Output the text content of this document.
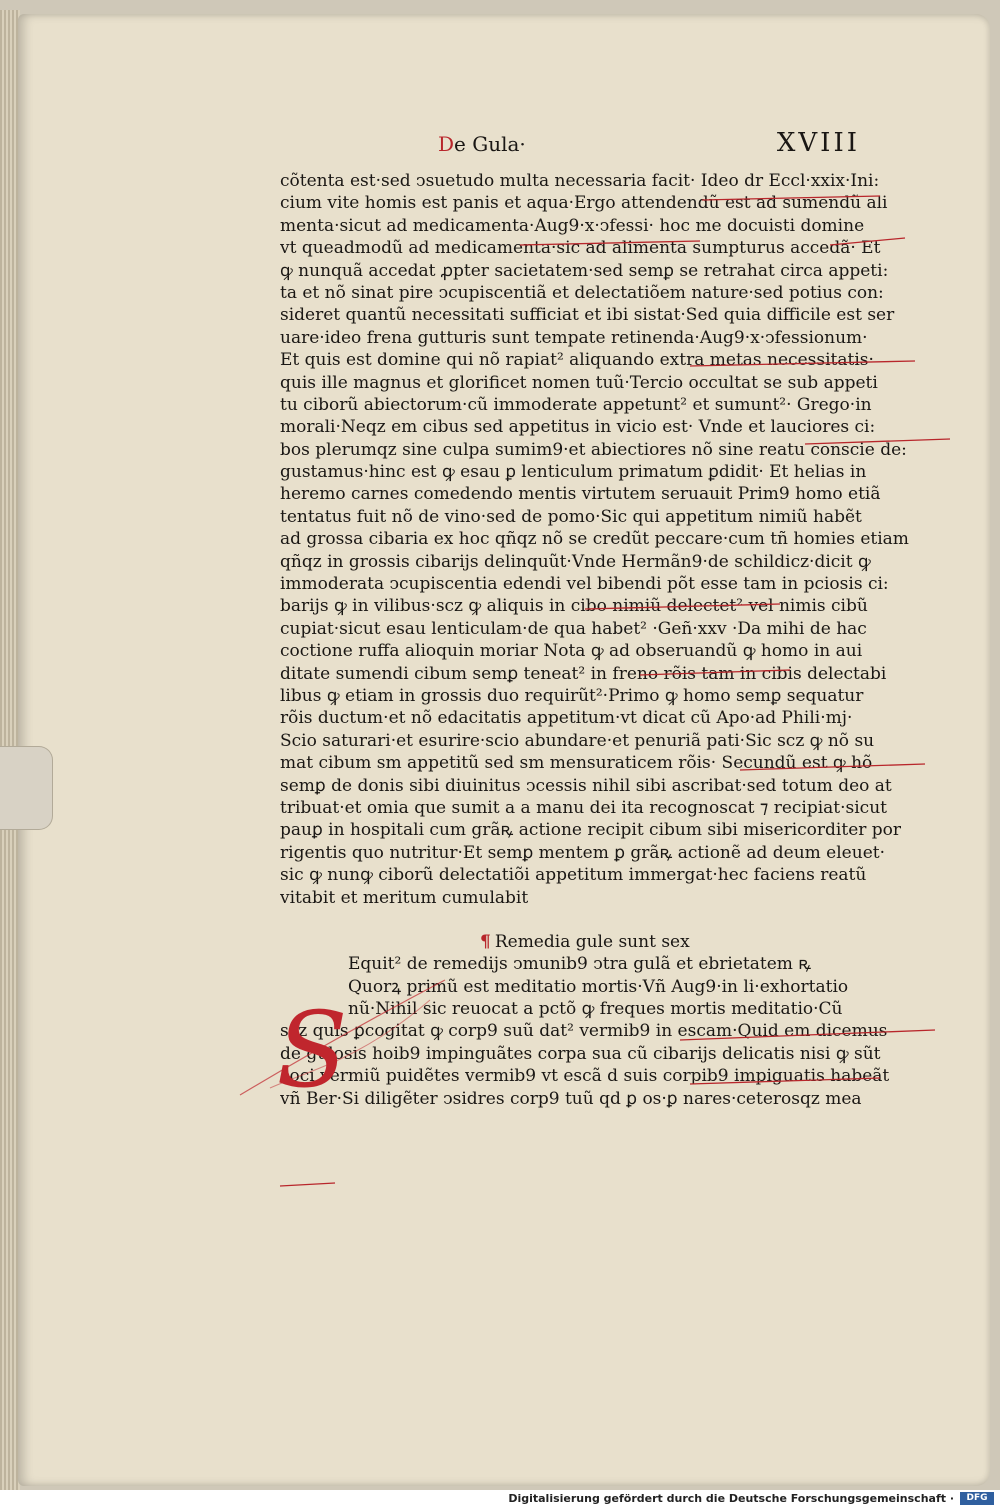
De Gula·	XVIII
cõtenta est·sed ↄsuetudo multa necessaria facit· Ideo dr Eccl·xxix·Ini:
cium vite homis est panis et aqua·Ergo attendendũ est ad sumendũ ali
menta·sicut ad medicamenta·Aug9·x·ↄfessi· hoc me docuisti domine
vt queadmodũ ad medicamenta·sic ad alimenta sumpturus accedã· Et
ꝙ nunquã accedat ꝓpter sacietatem·sed semꝑ se retrahat circa appeti:
ta et nõ sinat pire ↄcupiscentiã et delectatiõem nature·sed potius con:
sideret quantũ necessitati sufficiat et ibi sistat·Sed quia difficile est ser
uare·ideo frena gutturis sunt tempate retinenda·Aug9·x·ↄfessionum·
Et quis est domine qui nõ rapiat² aliquando extra metas necessitatis·
quis ille magnus et glorificet nomen tuũ·Tercio occultat se sub appeti
tu ciborũ abiectorum·cũ immoderate appetunt² et sumunt²· Grego·in
morali·Neqz em cibus sed appetitus in vicio est· Vnde et lauciores ci:
bos plerumqz sine culpa sumim9·et abiectiores nõ sine reatu conscie de:
gustamus·hinc est ꝙ esau ꝑ lenticulum primatum ꝑdidit· Et helias in
heremo carnes comedendo mentis virtutem seruauit Prim9 homo etiã
tentatus fuit nõ de vino·sed de pomo·Sic qui appetitum nimiũ habẽt
ad grossa cibaria ex hoc qñqz nõ se credũt peccare·cum tñ homies etiam
qñqz in grossis cibarijs delinquũt·Vnde Hermãn9·de schildicz·dicit ꝙ
immoderata ↄcupiscentia edendi vel bibendi põt esse tam in pciosis ci:
barijs ꝙ in vilibus·scz ꝙ aliquis in cibo nimiũ delectet² vel nimis cibũ
cupiat·sicut esau lenticulam·de qua habet² ·Geñ·xxv ·Da mihi de hac
coctione ruffa alioquin moriar Nota ꝙ ad obseruandũ ꝙ homo in aui
ditate sumendi cibum semꝑ teneat² in freno rõis tam in cibis delectabi
libus ꝙ etiam in grossis duo requirũt²·Primo ꝙ homo semꝑ sequatur
rõis ductum·et nõ edacitatis appetitum·vt dicat cũ Apo·ad Phili·mj·
Scio saturari·et esurire·scio abundare·et penuriã pati·Sic scz ꝙ nõ su
mat cibum sm appetitũ sed sm mensuraticem rõis· Secundũ est ꝙ hõ
semꝑ de donis sibi diuinitus ↄcessis nihil sibi ascribat·sed totum deo at
tribuat·et omia que sumit a a manu dei ita recognoscat ⁊ recipiat·sicut
pauꝑ in hospitali cum grãꝶ actione recipit cibum sibi misericorditer por
rigentis quo nutritur·Et semꝑ mentem ꝑ grãꝶ actionẽ ad deum eleuet·
sic ꝙ nunꝙ ciborũ delectatiõi appetitum immergat·hec faciens reatũ
vitabit et meritum cumulabit
¶ Remedia gule sunt sex
Equit² de remedijs ↄmunib9 ↄtra gulã et ebrietatem ꝶ
Quorꝝ primũ est meditatio mortis·Vñ Aug9·in li·exhortatio
nũ·Nihil sic reuocat a pctõ ꝙ freques mortis meditatio·Cũ
scz quis ꝑcogitat ꝙ corp9 suũ dat² vermib9 in escam·Quid em dicemus
de gulosis hoib9 impinguãtes corpa sua cũ cibarijs delicatis nisi ꝙ sũt
coci vermiũ puidẽtes vermib9 vt escã d suis corpib9 impiguatis habeãt
vñ Ber·Si diligẽter ↄsidres corp9 tuũ qd ꝑ os·ꝑ nares·ceterosqz mea
S
Digitalisierung gefördert durch die Deutsche Forschungsgemeinschaft ·	DFG
